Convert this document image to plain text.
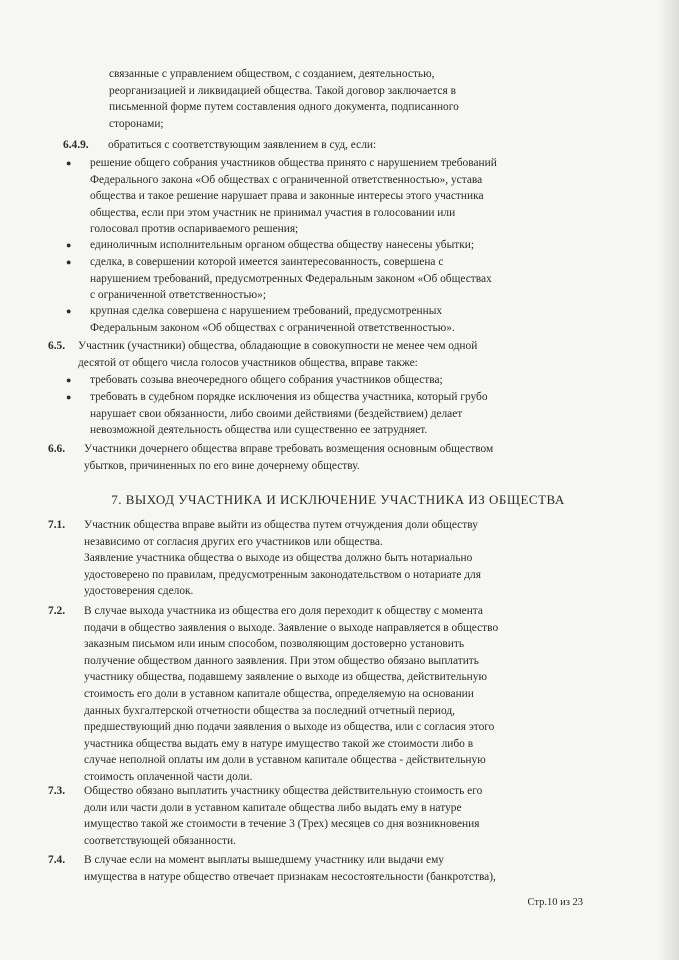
связанные с управлением обществом, с созданием, деятельностью,
реорганизацией и ликвидацией общества. Такой договор заключается в
письменной форме путем составления одного документа, подписанного
сторонами;
6.4.9. обратиться с соответствующим заявлением в суд, если:
● решение общего собрания участников общества принято с нарушением требований
Федерального закона «Об обществах с ограниченной ответственностью», устава
общества и такое решение нарушает права и законные интересы этого участника
общества, если при этом участник не принимал участия в голосовании или
голосовал против оспариваемого решения;
● единоличным исполнительным органом общества обществу нанесены убытки;
● сделка, в совершении которой имеется заинтересованность, совершена с
нарушением требований, предусмотренных Федеральным законом «Об обществах
с ограниченной ответственностью»;
● крупная сделка совершена с нарушением требований, предусмотренных
Федеральным законом «Об обществах с ограниченной ответственностью».
6.5. Участник (участники) общества, обладающие в совокупности не менее чем одной
десятой от общего числа голосов участников общества, вправе также:
● требовать созыва внеочередного общего собрания участников общества;
● требовать в судебном порядке исключения из общества участника, который грубо
нарушает свои обязанности, либо своими действиями (бездействием) делает
невозможной деятельность общества или существенно ее затрудняет.
6.6. Участники дочернего общества вправе требовать возмещения основным обществом
убытков, причиненных по его вине дочернему обществу.
7. ВЫХОД УЧАСТНИКА И ИСКЛЮЧЕНИЕ УЧАСТНИКА ИЗ ОБЩЕСТВА
7.1. Участник общества вправе выйти из общества путем отчуждения доли обществу
независимо от согласия других его участников или общества.
Заявление участника общества о выходе из общества должно быть нотариально
удостоверено по правилам, предусмотренным законодательством о нотариате для
удостоверения сделок.
7.2. В случае выхода участника из общества его доля переходит к обществу с момента
подачи в общество заявления о выходе. Заявление о выходе направляется в общество
заказным письмом или иным способом, позволяющим достоверно установить
получение обществом данного заявления. При этом общество обязано выплатить
участнику общества, подавшему заявление о выходе из общества, действительную
стоимость его доли в уставном капитале общества, определяемую на основании
данных бухгалтерской отчетности общества за последний отчетный период,
предшествующий дню подачи заявления о выходе из общества, или с согласия этого
участника общества выдать ему в натуре имущество такой же стоимости либо в
случае неполной оплаты им доли в уставном капитале общества - действительную
стоимость оплаченной части доли.
7.3. Общество обязано выплатить участнику общества действительную стоимость его
доли или части доли в уставном капитале общества либо выдать ему в натуре
имущество такой же стоимости в течение 3 (Трех) месяцев со дня возникновения
соответствующей обязанности.
7.4. В случае если на момент выплаты вышедшему участнику или выдачи ему
имущества в натуре общество отвечает признакам несостоятельности (банкротства),
Стр.10 из 23
